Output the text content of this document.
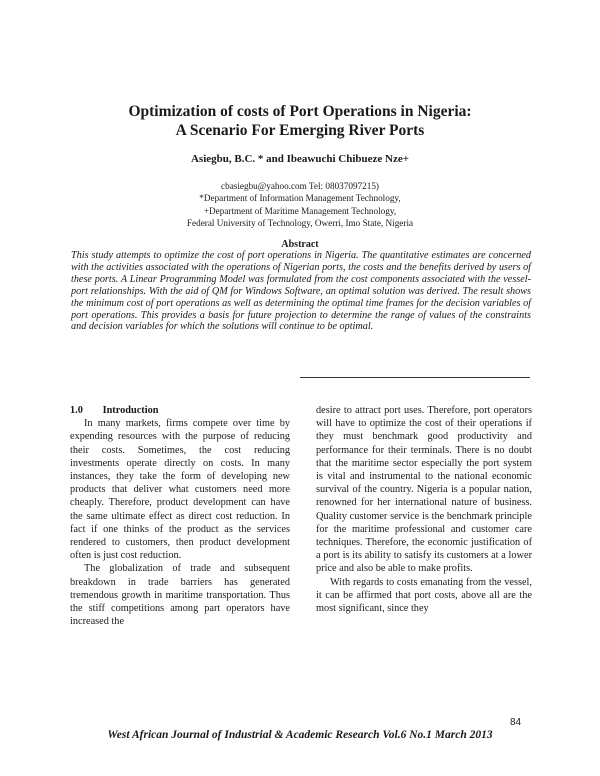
Optimization of costs of Port Operations in Nigeria:
A Scenario For Emerging River Ports
Asiegbu, B.C. * and Ibeawuchi Chibueze Nze+
cbasiegbu@yahoo.com Tel: 08037097215)
*Department of Information Management Technology,
+Department of Maritime Management Technology,
Federal University of Technology, Owerri, Imo State, Nigeria
Abstract
This study attempts to optimize the cost of port operations in Nigeria. The quantitative estimates are concerned with the activities associated with the operations of Nigerian ports, the costs and the benefits derived by users of these ports. A Linear Programming Model was formulated from the cost components associated with the vessel-port relationships. With the aid of QM for Windows Software, an optimal solution was derived. The result shows the minimum cost of port operations as well as determining the optimal time frames for the decision variables of port operations. This provides a basis for future projection to determine the range of values of the constraints and decision variables for which the solutions will continue to be optimal.

1.0 Introduction

In many markets, firms compete over time by expending resources with the purpose of reducing their costs. Sometimes, the cost reducing investments operate directly on costs. In many instances, they take the form of developing new products that deliver what customers need more cheaply. Therefore, product development can have the same ultimate effect as direct cost reduction. In fact if one thinks of the product as the services rendered to customers, then product development often is just cost reduction.

The globalization of trade and subsequent breakdown in trade barriers has generated tremendous growth in maritime transportation. Thus the stiff competitions among part operators have increased the

desire to attract port uses. Therefore, port operators will have to optimize the cost of their operations if they must benchmark good productivity and performance for their terminals. There is no doubt that the maritime sector especially the port system is vital and instrumental to the national economic survival of the country. Nigeria is a popular nation, renowned for her international nature of business. Quality customer service is the benchmark principle for the maritime professional and customer care techniques. Therefore, the economic justification of a port is its ability to satisfy its customers at a lower price and also be able to make profits.

With regards to costs emanating from the vessel, it can be affirmed that port costs, above all are the most significant, since they

84
West African Journal of Industrial & Academic Research Vol.6 No.1 March 2013
